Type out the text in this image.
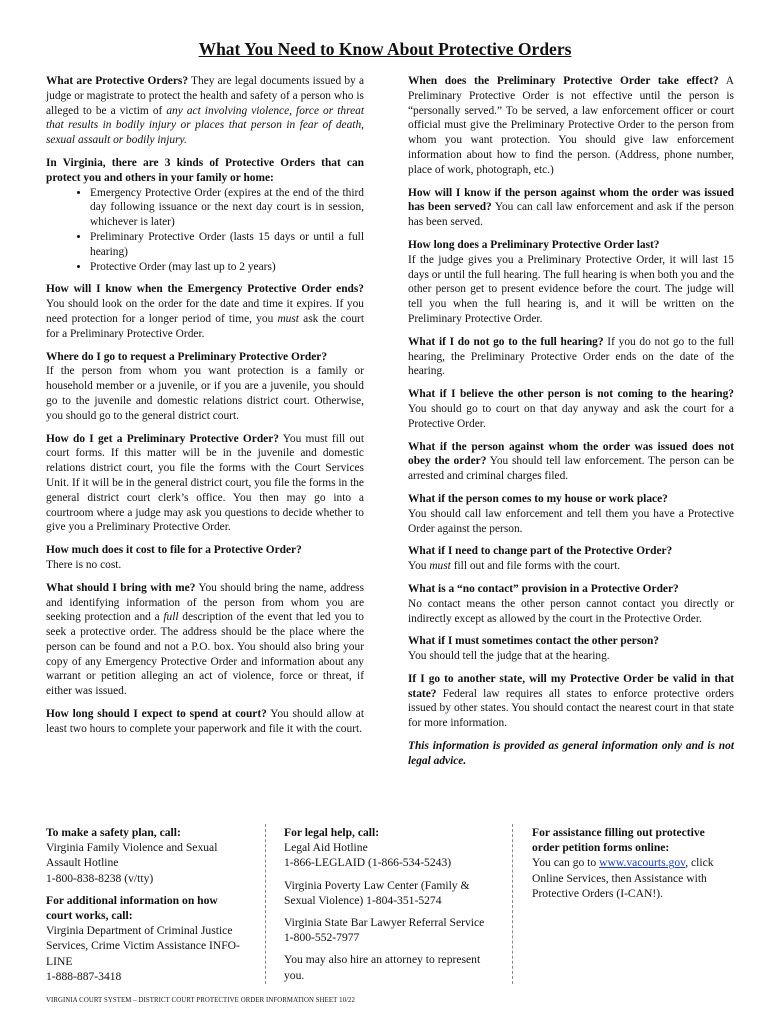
What You Need to Know About Protective Orders

What are Protective Orders? They are legal documents issued by a judge or magistrate to protect the health and safety of a person who is alleged to be a victim of any act involving violence, force or threat that results in bodily injury or places that person in fear of death, sexual assault or bodily injury.

In Virginia, there are 3 kinds of Protective Orders that can protect you and others in your family or home:

• Emergency Protective Order (expires at the end of the third day following issuance or the next day court is in session, whichever is later)
• Preliminary Protective Order (lasts 15 days or until a full hearing)
• Protective Order (may last up to 2 years)

How will I know when the Emergency Protective Order ends? You should look on the order for the date and time it expires. If you need protection for a longer period of time, you must ask the court for a Preliminary Protective Order.

Where do I go to request a Preliminary Protective Order?
If the person from whom you want protection is a family or household member or a juvenile, or if you are a juvenile, you should go to the juvenile and domestic relations district court. Otherwise, you should go to the general district court.

How do I get a Preliminary Protective Order? You must fill out court forms. If this matter will be in the juvenile and domestic relations district court, you file the forms with the Court Services Unit. If it will be in the general district court, you file the forms in the general district court clerk’s office. You then may go into a courtroom where a judge may ask you questions to decide whether to give you a Preliminary Protective Order.

How much does it cost to file for a Protective Order?
There is no cost.

What should I bring with me? You should bring the name, address and identifying information of the person from whom you are seeking protection and a full description of the event that led you to seek a protective order. The address should be the place where the person can be found and not a P.O. box. You should also bring your copy of any Emergency Protective Order and information about any warrant or petition alleging an act of violence, force or threat, if either was issued.

How long should I expect to spend at court? You should allow at least two hours to complete your paperwork and file it with the court.

When does the Preliminary Protective Order take effect? A Preliminary Protective Order is not effective until the person is “personally served.” To be served, a law enforcement officer or court official must give the Preliminary Protective Order to the person from whom you want protection. You should give law enforcement information about how to find the person. (Address, phone number, place of work, photograph, etc.)

How will I know if the person against whom the order was issued has been served? You can call law enforcement and ask if the person has been served.

How long does a Preliminary Protective Order last?
If the judge gives you a Preliminary Protective Order, it will last 15 days or until the full hearing. The full hearing is when both you and the other person get to present evidence before the court. The judge will tell you when the full hearing is, and it will be written on the Preliminary Protective Order.

What if I do not go to the full hearing? If you do not go to the full hearing, the Preliminary Protective Order ends on the date of the hearing.

What if I believe the other person is not coming to the hearing? You should go to court on that day anyway and ask the court for a Protective Order.

What if the person against whom the order was issued does not obey the order? You should tell law enforcement. The person can be arrested and criminal charges filed.

What if the person comes to my house or work place?
You should call law enforcement and tell them you have a Protective Order against the person.

What if I need to change part of the Protective Order?
You must fill out and file forms with the court.

What is a “no contact” provision in a Protective Order?
No contact means the other person cannot contact you directly or indirectly except as allowed by the court in the Protective Order.

What if I must sometimes contact the other person?
You should tell the judge that at the hearing.

If I go to another state, will my Protective Order be valid in that state? Federal law requires all states to enforce protective orders issued by other states. You should contact the nearest court in that state for more information.

This information is provided as general information only and is not legal advice.

To make a safety plan, call:
Virginia Family Violence and Sexual Assault Hotline
1-800-838-8238 (v/tty)
For additional information on how court works, call:
Virginia Department of Criminal Justice Services, Crime Victim Assistance INFO-LINE
1-888-887-3418
For legal help, call:
Legal Aid Hotline
1-866-LEGLAID (1-866-534-5243)
Virginia Poverty Law Center (Family & Sexual Violence) 1-804-351-5274
Virginia State Bar Lawyer Referral Service 1-800-552-7977
You may also hire an attorney to represent you.
For assistance filling out protective order petition forms online:
You can go to www.vacourts.gov, click Online Services, then Assistance with Protective Orders (I-CAN!).
VIRGINIA COURT SYSTEM – DISTRICT COURT PROTECTIVE ORDER INFORMATION SHEET 10/22
